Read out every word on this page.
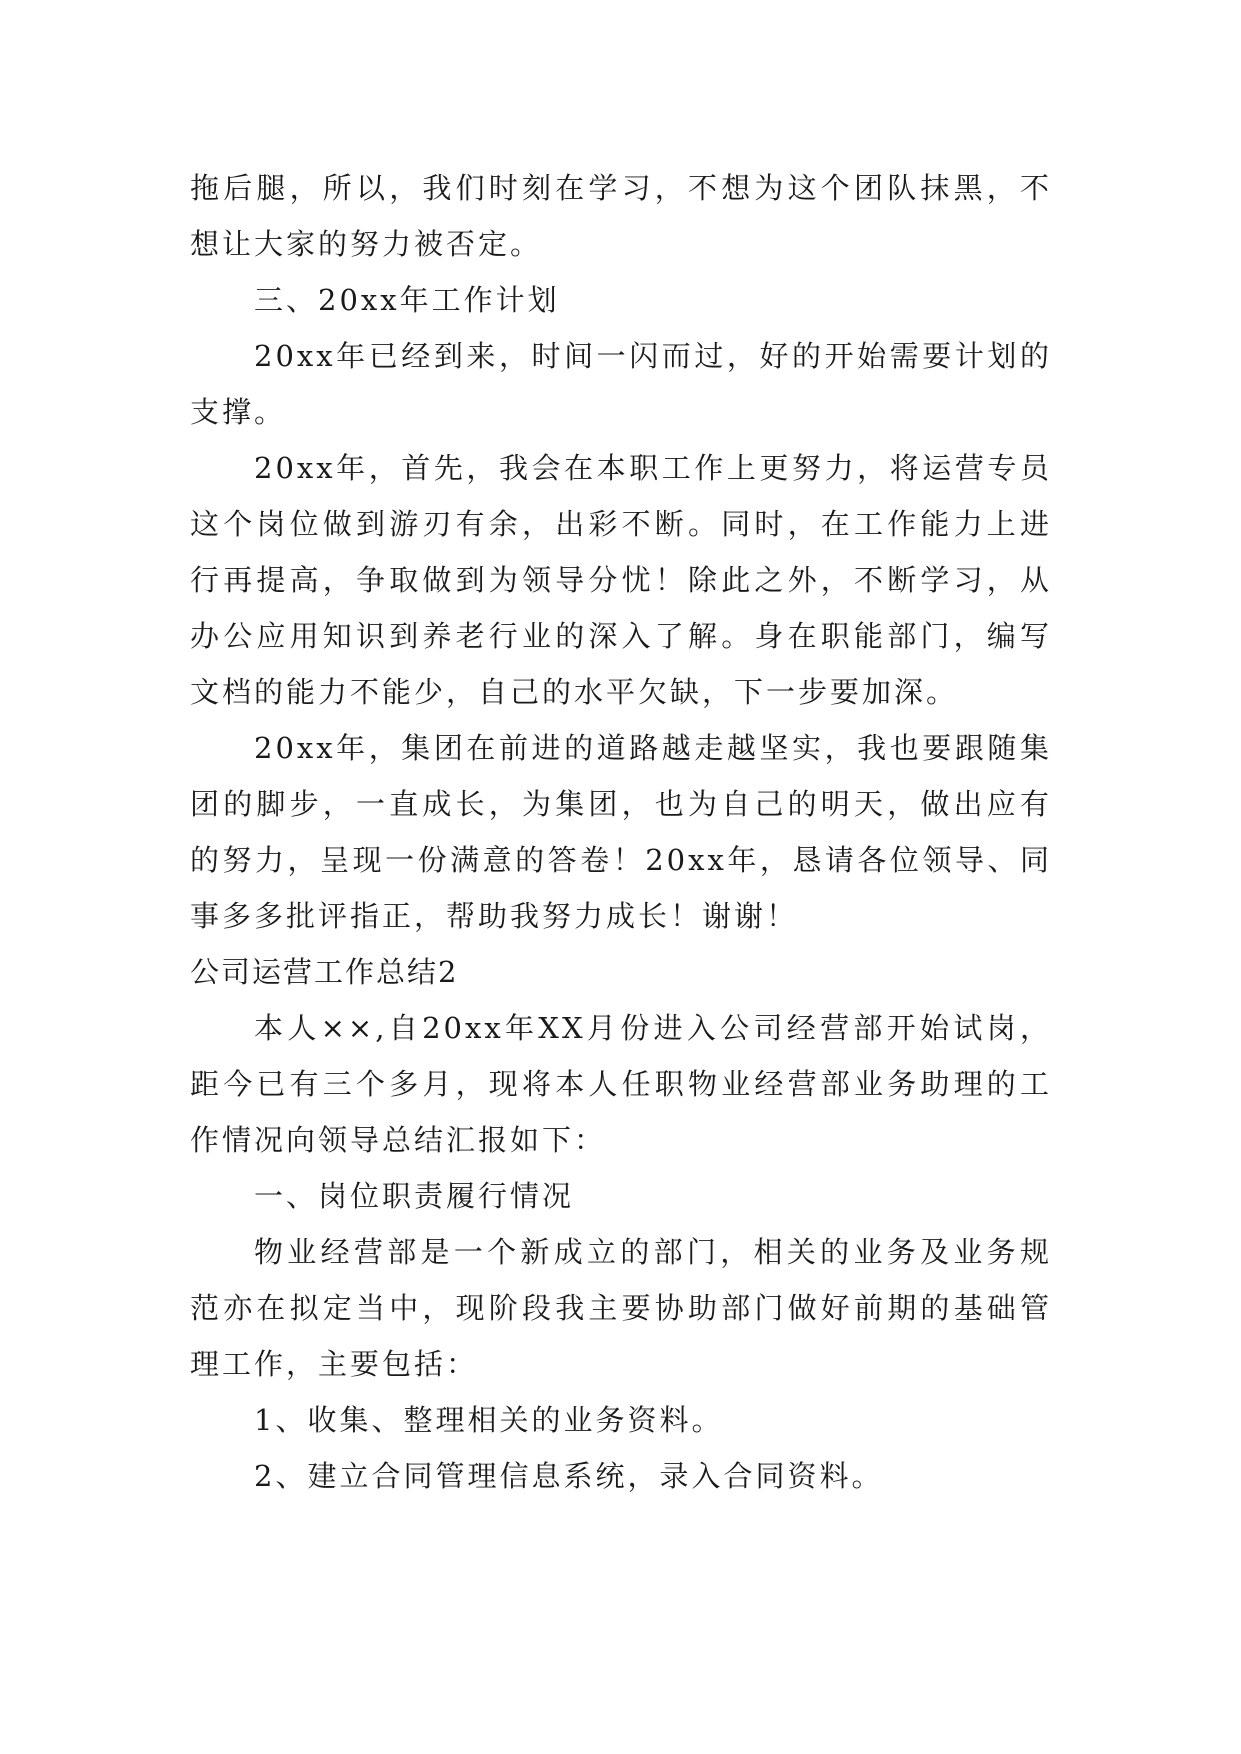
拖后腿，所以，我们时刻在学习，不想为这个团队抹黑，不想让大家的努力被否定。

三、20xx年工作计划

20xx年已经到来，时间一闪而过，好的开始需要计划的支撑。

20xx年，首先，我会在本职工作上更努力，将运营专员这个岗位做到游刃有余，出彩不断。同时，在工作能力上进行再提高，争取做到为领导分忧！除此之外，不断学习，从办公应用知识到养老行业的深入了解。身在职能部门，编写文档的能力不能少，自己的水平欠缺，下一步要加深。

20xx年，集团在前进的道路越走越坚实，我也要跟随集团的脚步，一直成长，为集团，也为自己的明天，做出应有的努力，呈现一份满意的答卷！20xx年，恳请各位领导、同事多多批评指正，帮助我努力成长！谢谢！

公司运营工作总结2

本人××,自20xx年XX月份进入公司经营部开始试岗，距今已有三个多月，现将本人任职物业经营部业务助理的工作情况向领导总结汇报如下：

一、岗位职责履行情况

物业经营部是一个新成立的部门，相关的业务及业务规范亦在拟定当中，现阶段我主要协助部门做好前期的基础管理工作，主要包括：

1、收集、整理相关的业务资料。

2、建立合同管理信息系统，录入合同资料。
